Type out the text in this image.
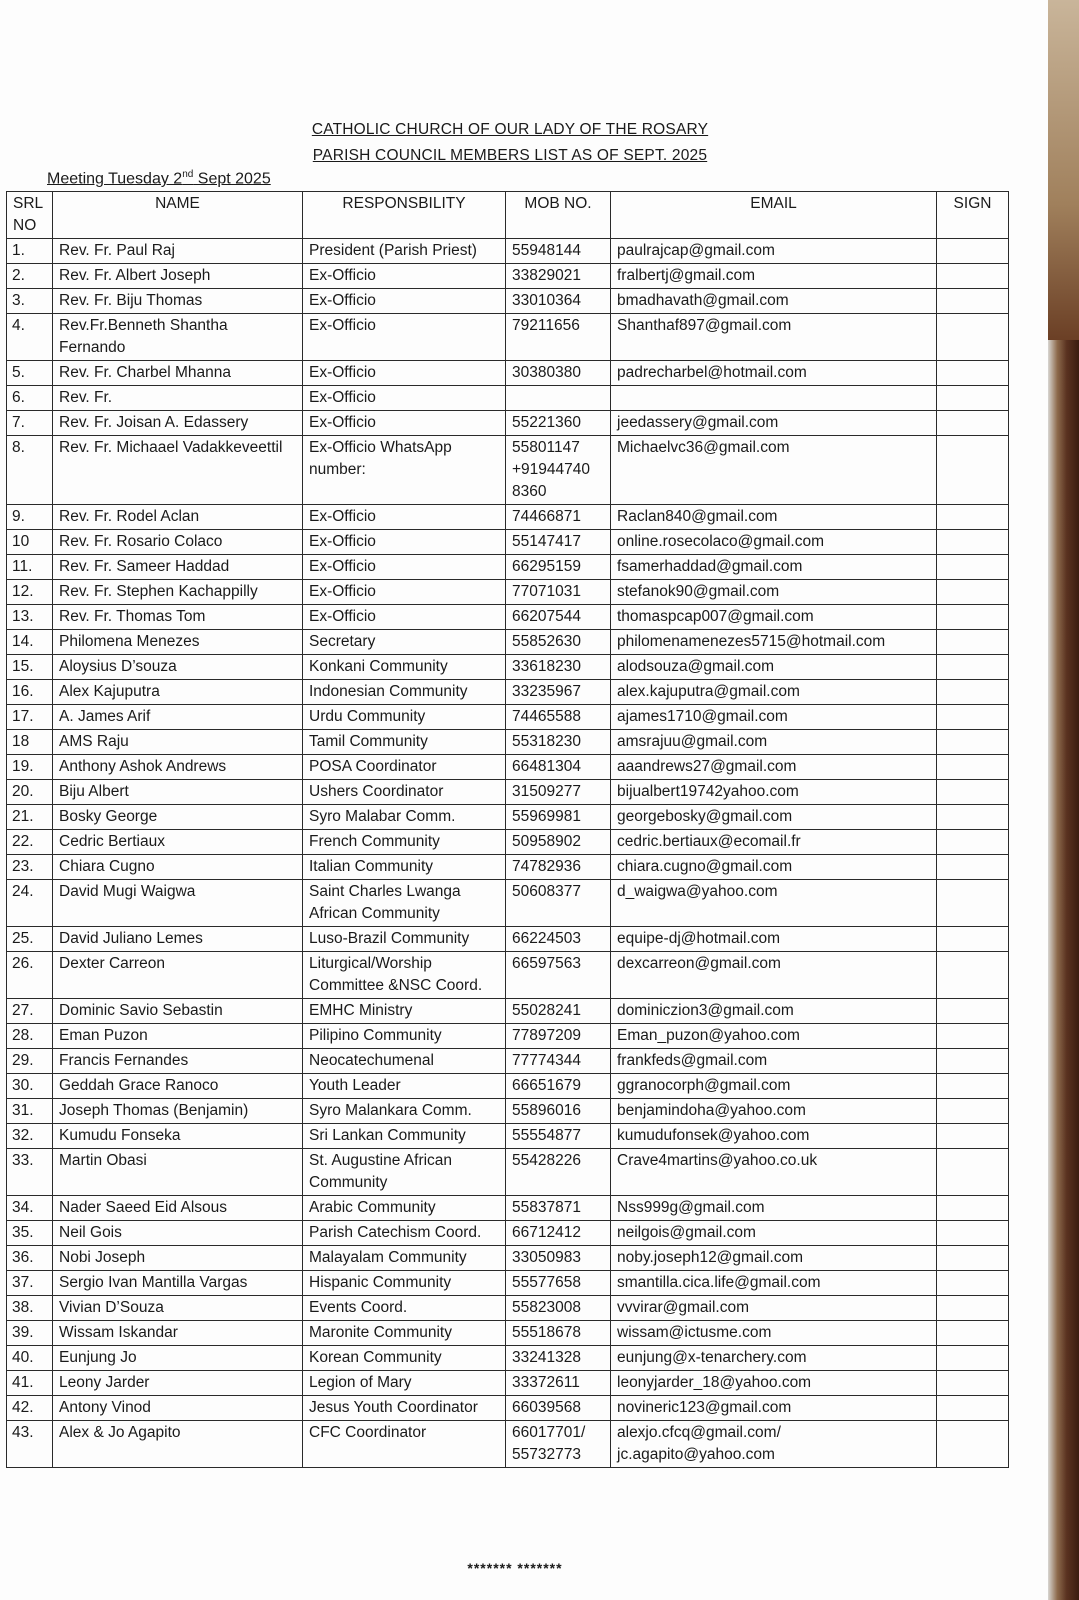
CATHOLIC CHURCH OF OUR LADY OF THE ROSARY
PARISH COUNCIL MEMBERS LIST AS OF SEPT. 2025
Meeting Tuesday 2nd Sept 2025
SRL NO	NAME	RESPONSBILITY	MOB NO.	EMAIL	SIGN
1.	Rev. Fr. Paul Raj	President (Parish Priest)	55948144	paulrajcap@gmail.com	
2.	Rev. Fr. Albert Joseph	Ex-Officio	33829021	fralbertj@gmail.com	
3.	Rev. Fr. Biju Thomas	Ex-Officio	33010364	bmadhavath@gmail.com	
4.	Rev.Fr.Benneth Shantha Fernando	Ex-Officio	79211656	Shanthaf897@gmail.com	
5.	Rev. Fr. Charbel Mhanna	Ex-Officio	30380380	padrecharbel@hotmail.com	
6.	Rev. Fr.	Ex-Officio			
7.	Rev. Fr. Joisan A. Edassery	Ex-Officio	55221360	jeedassery@gmail.com	
8.	Rev. Fr. Michaael Vadakkeveettil	Ex-Officio WhatsApp number:	55801147 +91944740 8360	Michaelvc36@gmail.com	
9.	Rev. Fr. Rodel Aclan	Ex-Officio	74466871	Raclan840@gmail.com	
10	Rev. Fr. Rosario Colaco	Ex-Officio	55147417	online.rosecolaco@gmail.com	
11.	Rev. Fr. Sameer Haddad	Ex-Officio	66295159	fsamerhaddad@gmail.com	
12.	Rev. Fr. Stephen Kachappilly	Ex-Officio	77071031	stefanok90@gmail.com	
13.	Rev. Fr. Thomas Tom	Ex-Officio	66207544	thomaspcap007@gmail.com	
14.	Philomena Menezes	Secretary	55852630	philomenamenezes5715@hotmail.com	
15.	Aloysius D’souza	Konkani Community	33618230	alodsouza@gmail.com	
16.	Alex Kajuputra	Indonesian Community	33235967	alex.kajuputra@gmail.com	
17.	A. James Arif	Urdu Community	74465588	ajames1710@gmail.com	
18	AMS Raju	Tamil Community	55318230	amsrajuu@gmail.com	
19.	Anthony Ashok Andrews	POSA Coordinator	66481304	aaandrews27@gmail.com	
20.	Biju Albert	Ushers Coordinator	31509277	bijualbert19742yahoo.com	
21.	Bosky George	Syro Malabar Comm.	55969981	georgebosky@gmail.com	
22.	Cedric Bertiaux	French Community	50958902	cedric.bertiaux@ecomail.fr	
23.	Chiara Cugno	Italian Community	74782936	chiara.cugno@gmail.com	
24.	David Mugi Waigwa	Saint Charles Lwanga African Community	50608377	d_waigwa@yahoo.com	
25.	David Juliano Lemes	Luso-Brazil Community	66224503	equipe-dj@hotmail.com	
26.	Dexter Carreon	Liturgical/Worship Committee &NSC Coord.	66597563	dexcarreon@gmail.com	
27.	Dominic Savio Sebastin	EMHC Ministry	55028241	dominiczion3@gmail.com	
28.	Eman Puzon	Pilipino Community	77897209	Eman_puzon@yahoo.com	
29.	Francis Fernandes	Neocatechumenal	77774344	frankfeds@gmail.com	
30.	Geddah Grace Ranoco	Youth Leader	66651679	ggranocorph@gmail.com	
31.	Joseph Thomas (Benjamin)	Syro Malankara Comm.	55896016	benjamindoha@yahoo.com	
32.	Kumudu Fonseka	Sri Lankan Community	55554877	kumudufonsek@yahoo.com	
33.	Martin Obasi	St. Augustine African Community	55428226	Crave4martins@yahoo.co.uk	
34.	Nader Saeed Eid Alsous	Arabic Community	55837871	Nss999g@gmail.com	
35.	Neil Gois	Parish Catechism Coord.	66712412	neilgois@gmail.com	
36.	Nobi Joseph	Malayalam Community	33050983	noby.joseph12@gmail.com	
37.	Sergio Ivan Mantilla Vargas	Hispanic Community	55577658	smantilla.cica.life@gmail.com	
38.	Vivian D’Souza	Events Coord.	55823008	vvvirar@gmail.com	
39.	Wissam Iskandar	Maronite Community	55518678	wissam@ictusme.com	
40.	Eunjung Jo	Korean Community	33241328	eunjung@x-tenarchery.com	
41.	Leony Jarder	Legion of Mary	33372611	leonyjarder_18@yahoo.com	
42.	Antony Vinod	Jesus Youth Coordinator	66039568	novineric123@gmail.com	
43.	Alex & Jo Agapito	CFC Coordinator	66017701/ 55732773	alexjo.cfcq@gmail.com/ jc.agapito@yahoo.com	
******* *******
